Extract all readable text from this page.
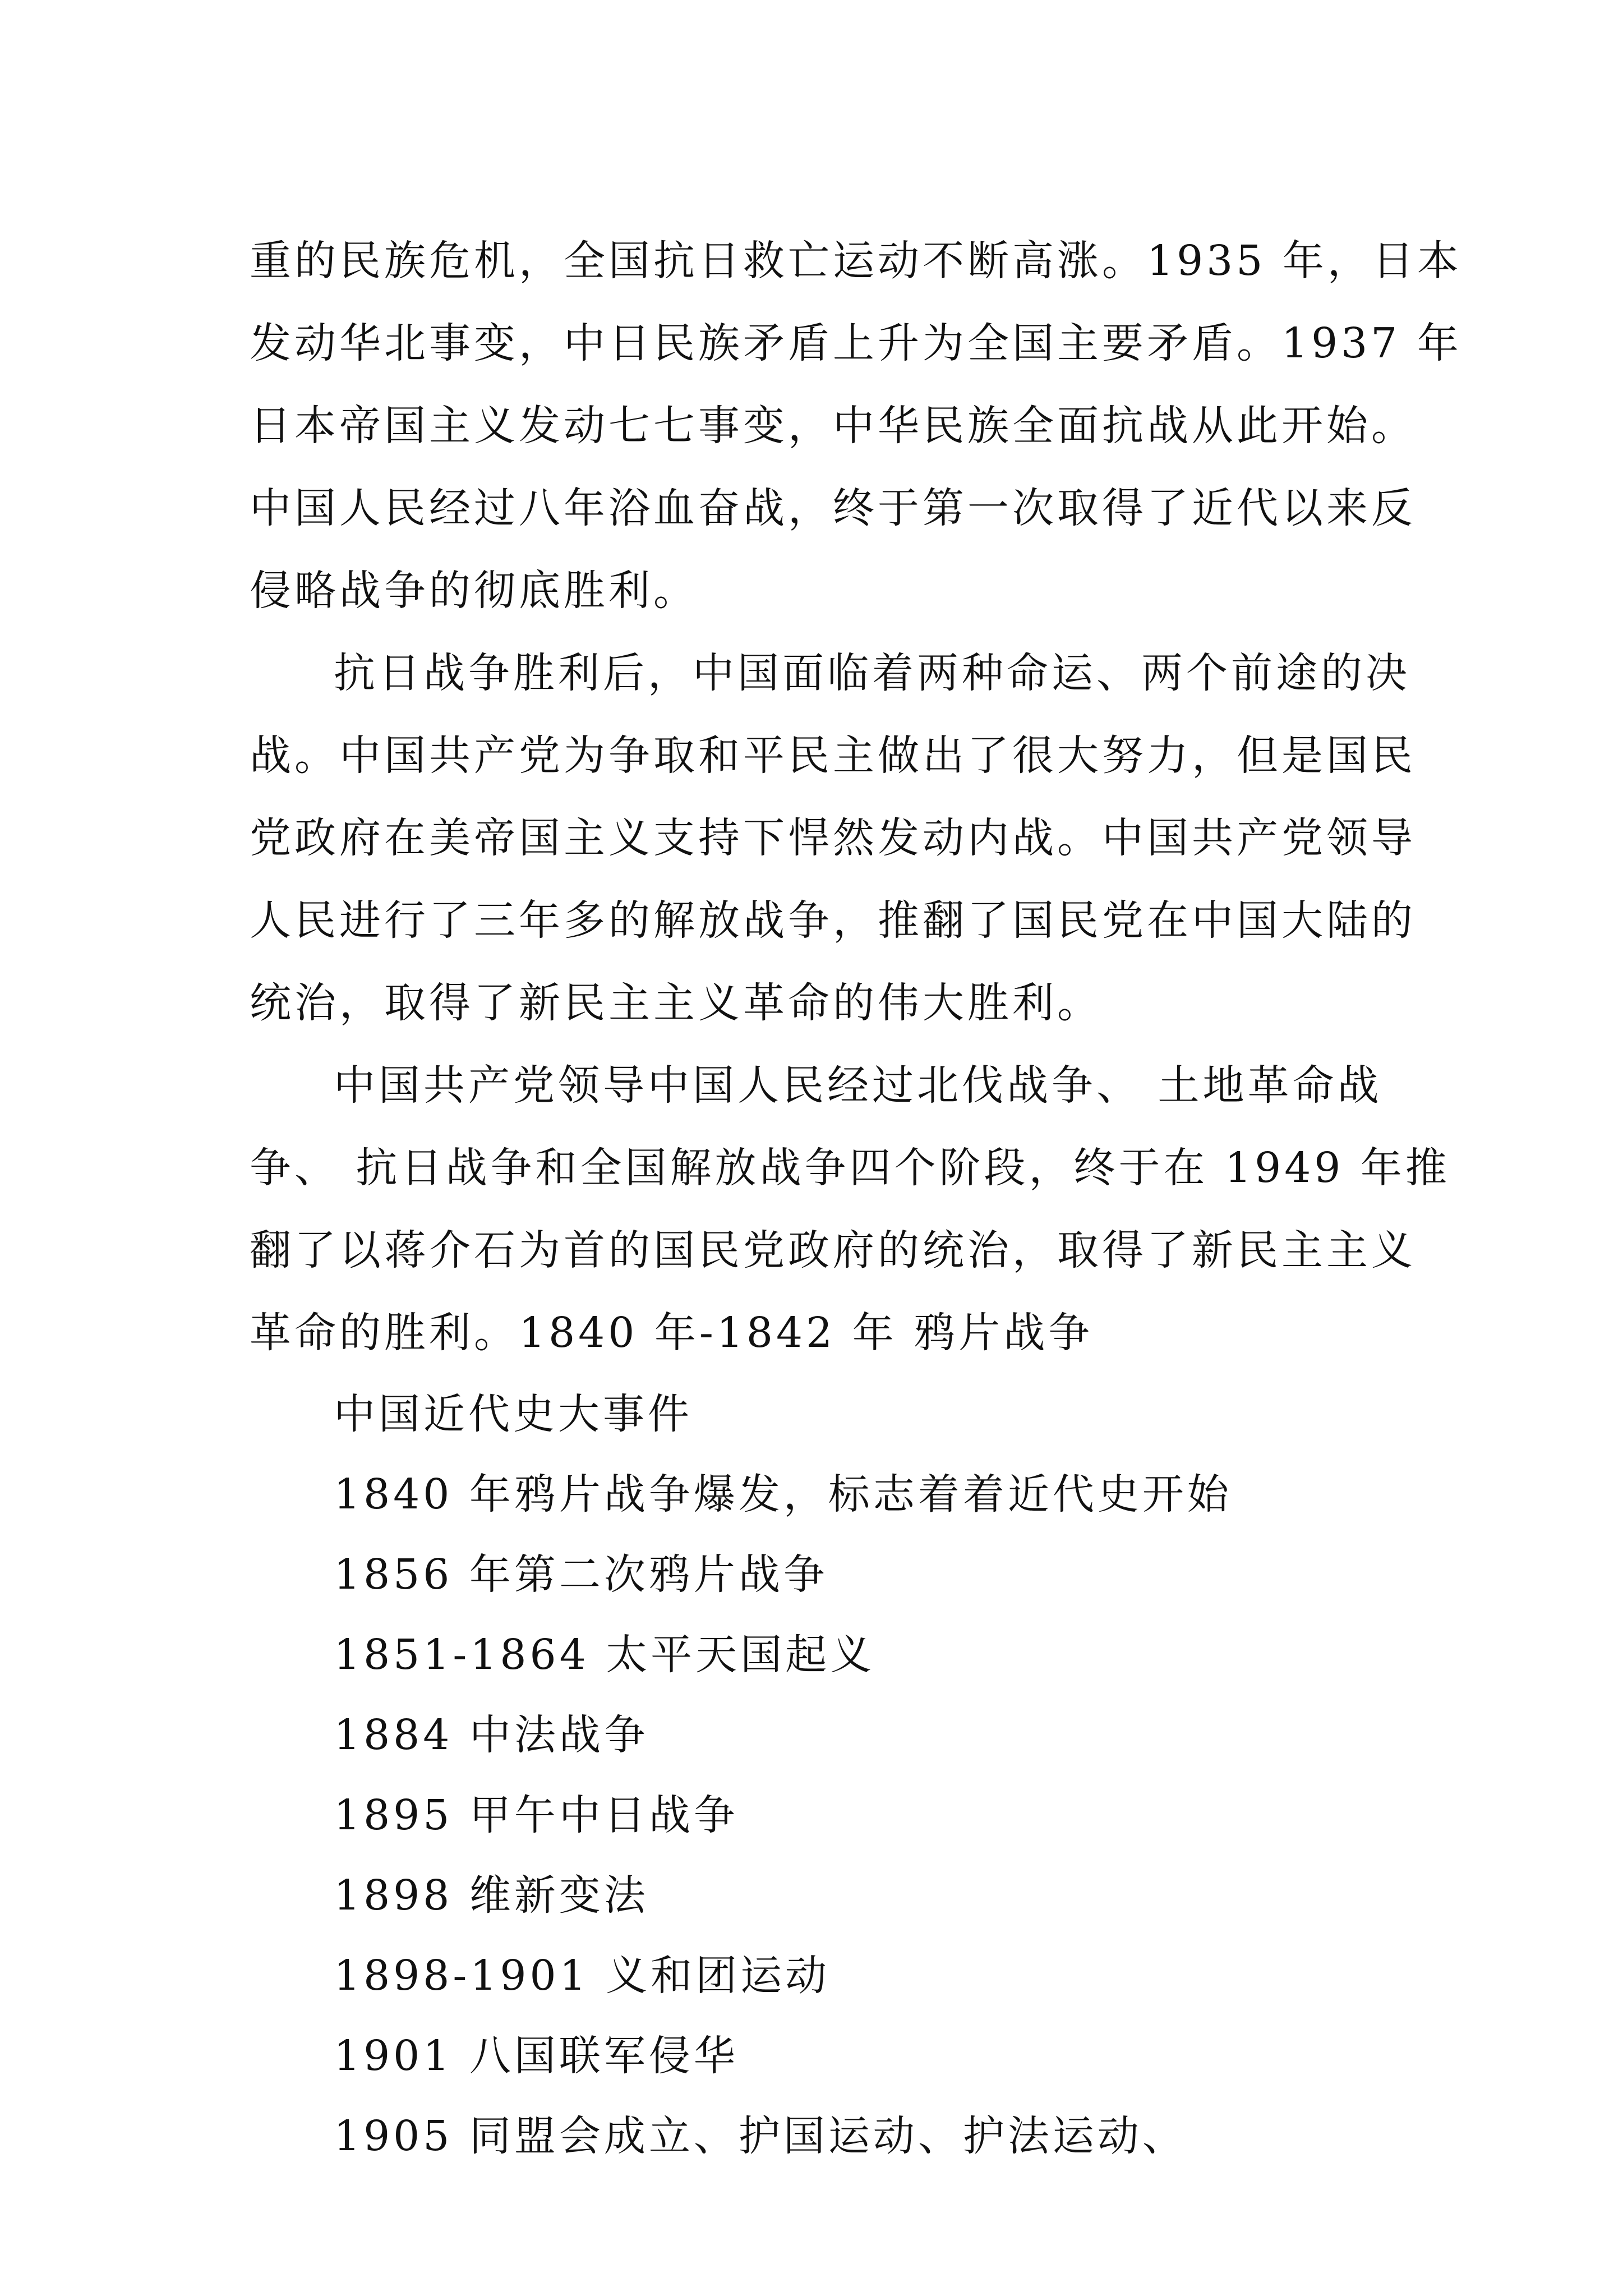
重的民族危机，全国抗日救亡运动不断高涨。1935 年，日本
发动华北事变，中日民族矛盾上升为全国主要矛盾。1937 年
日本帝国主义发动七七事变，中华民族全面抗战从此开始。
中国人民经过八年浴血奋战，终于第一次取得了近代以来反
侵略战争的彻底胜利。
抗日战争胜利后，中国面临着两种命运、两个前途的决
战。中国共产党为争取和平民主做出了很大努力，但是国民
党政府在美帝国主义支持下悍然发动内战。中国共产党领导
人民进行了三年多的解放战争，推翻了国民党在中国大陆的
统治，取得了新民主主义革命的伟大胜利。
中国共产党领导中国人民经过北伐战争、 土地革命战
争、 抗日战争和全国解放战争四个阶段，终于在 1949 年推
翻了以蒋介石为首的国民党政府的统治，取得了新民主主义
革命的胜利。1840 年-1842 年 鸦片战争
中国近代史大事件
1840 年鸦片战争爆发，标志着着近代史开始
1856 年第二次鸦片战争
1851-1864 太平天国起义
1884 中法战争
1895 甲午中日战争
1898 维新变法
1898-1901 义和团运动
1901 八国联军侵华
1905 同盟会成立、护国运动、护法运动、
